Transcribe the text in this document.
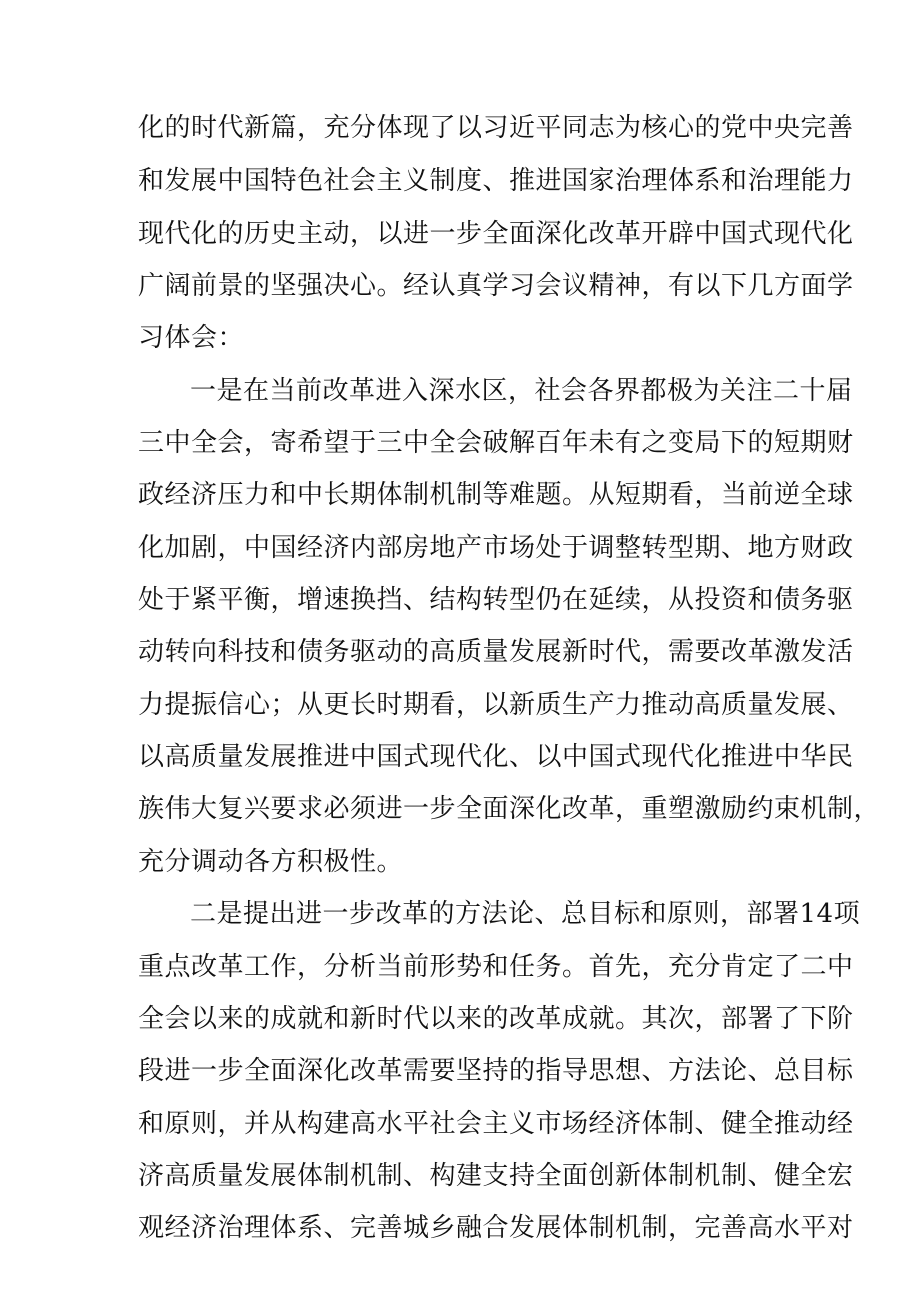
化的时代新篇，充分体现了以习近平同志为核心的党中央完善
和发展中国特色社会主义制度、推进国家治理体系和治理能力
现代化的历史主动，以进一步全面深化改革开辟中国式现代化
广阔前景的坚强决心。经认真学习会议精神，有以下几方面学
习体会：
一是在当前改革进入深水区，社会各界都极为关注二十届
三中全会，寄希望于三中全会破解百年未有之变局下的短期财
政经济压力和中长期体制机制等难题。从短期看，当前逆全球
化加剧，中国经济内部房地产市场处于调整转型期、地方财政
处于紧平衡，增速换挡、结构转型仍在延续，从投资和债务驱
动转向科技和债务驱动的高质量发展新时代，需要改革激发活
力提振信心；从更长时期看，以新质生产力推动高质量发展、
以高质量发展推进中国式现代化、以中国式现代化推进中华民
族伟大复兴要求必须进一步全面深化改革，重塑激励约束机制，
充分调动各方积极性。
二是提出进一步改革的方法论、总目标和原则，部署14项
重点改革工作，分析当前形势和任务。首先，充分肯定了二中
全会以来的成就和新时代以来的改革成就。其次，部署了下阶
段进一步全面深化改革需要坚持的指导思想、方法论、总目标
和原则，并从构建高水平社会主义市场经济体制、健全推动经
济高质量发展体制机制、构建支持全面创新体制机制、健全宏
观经济治理体系、完善城乡融合发展体制机制，完善高水平对
